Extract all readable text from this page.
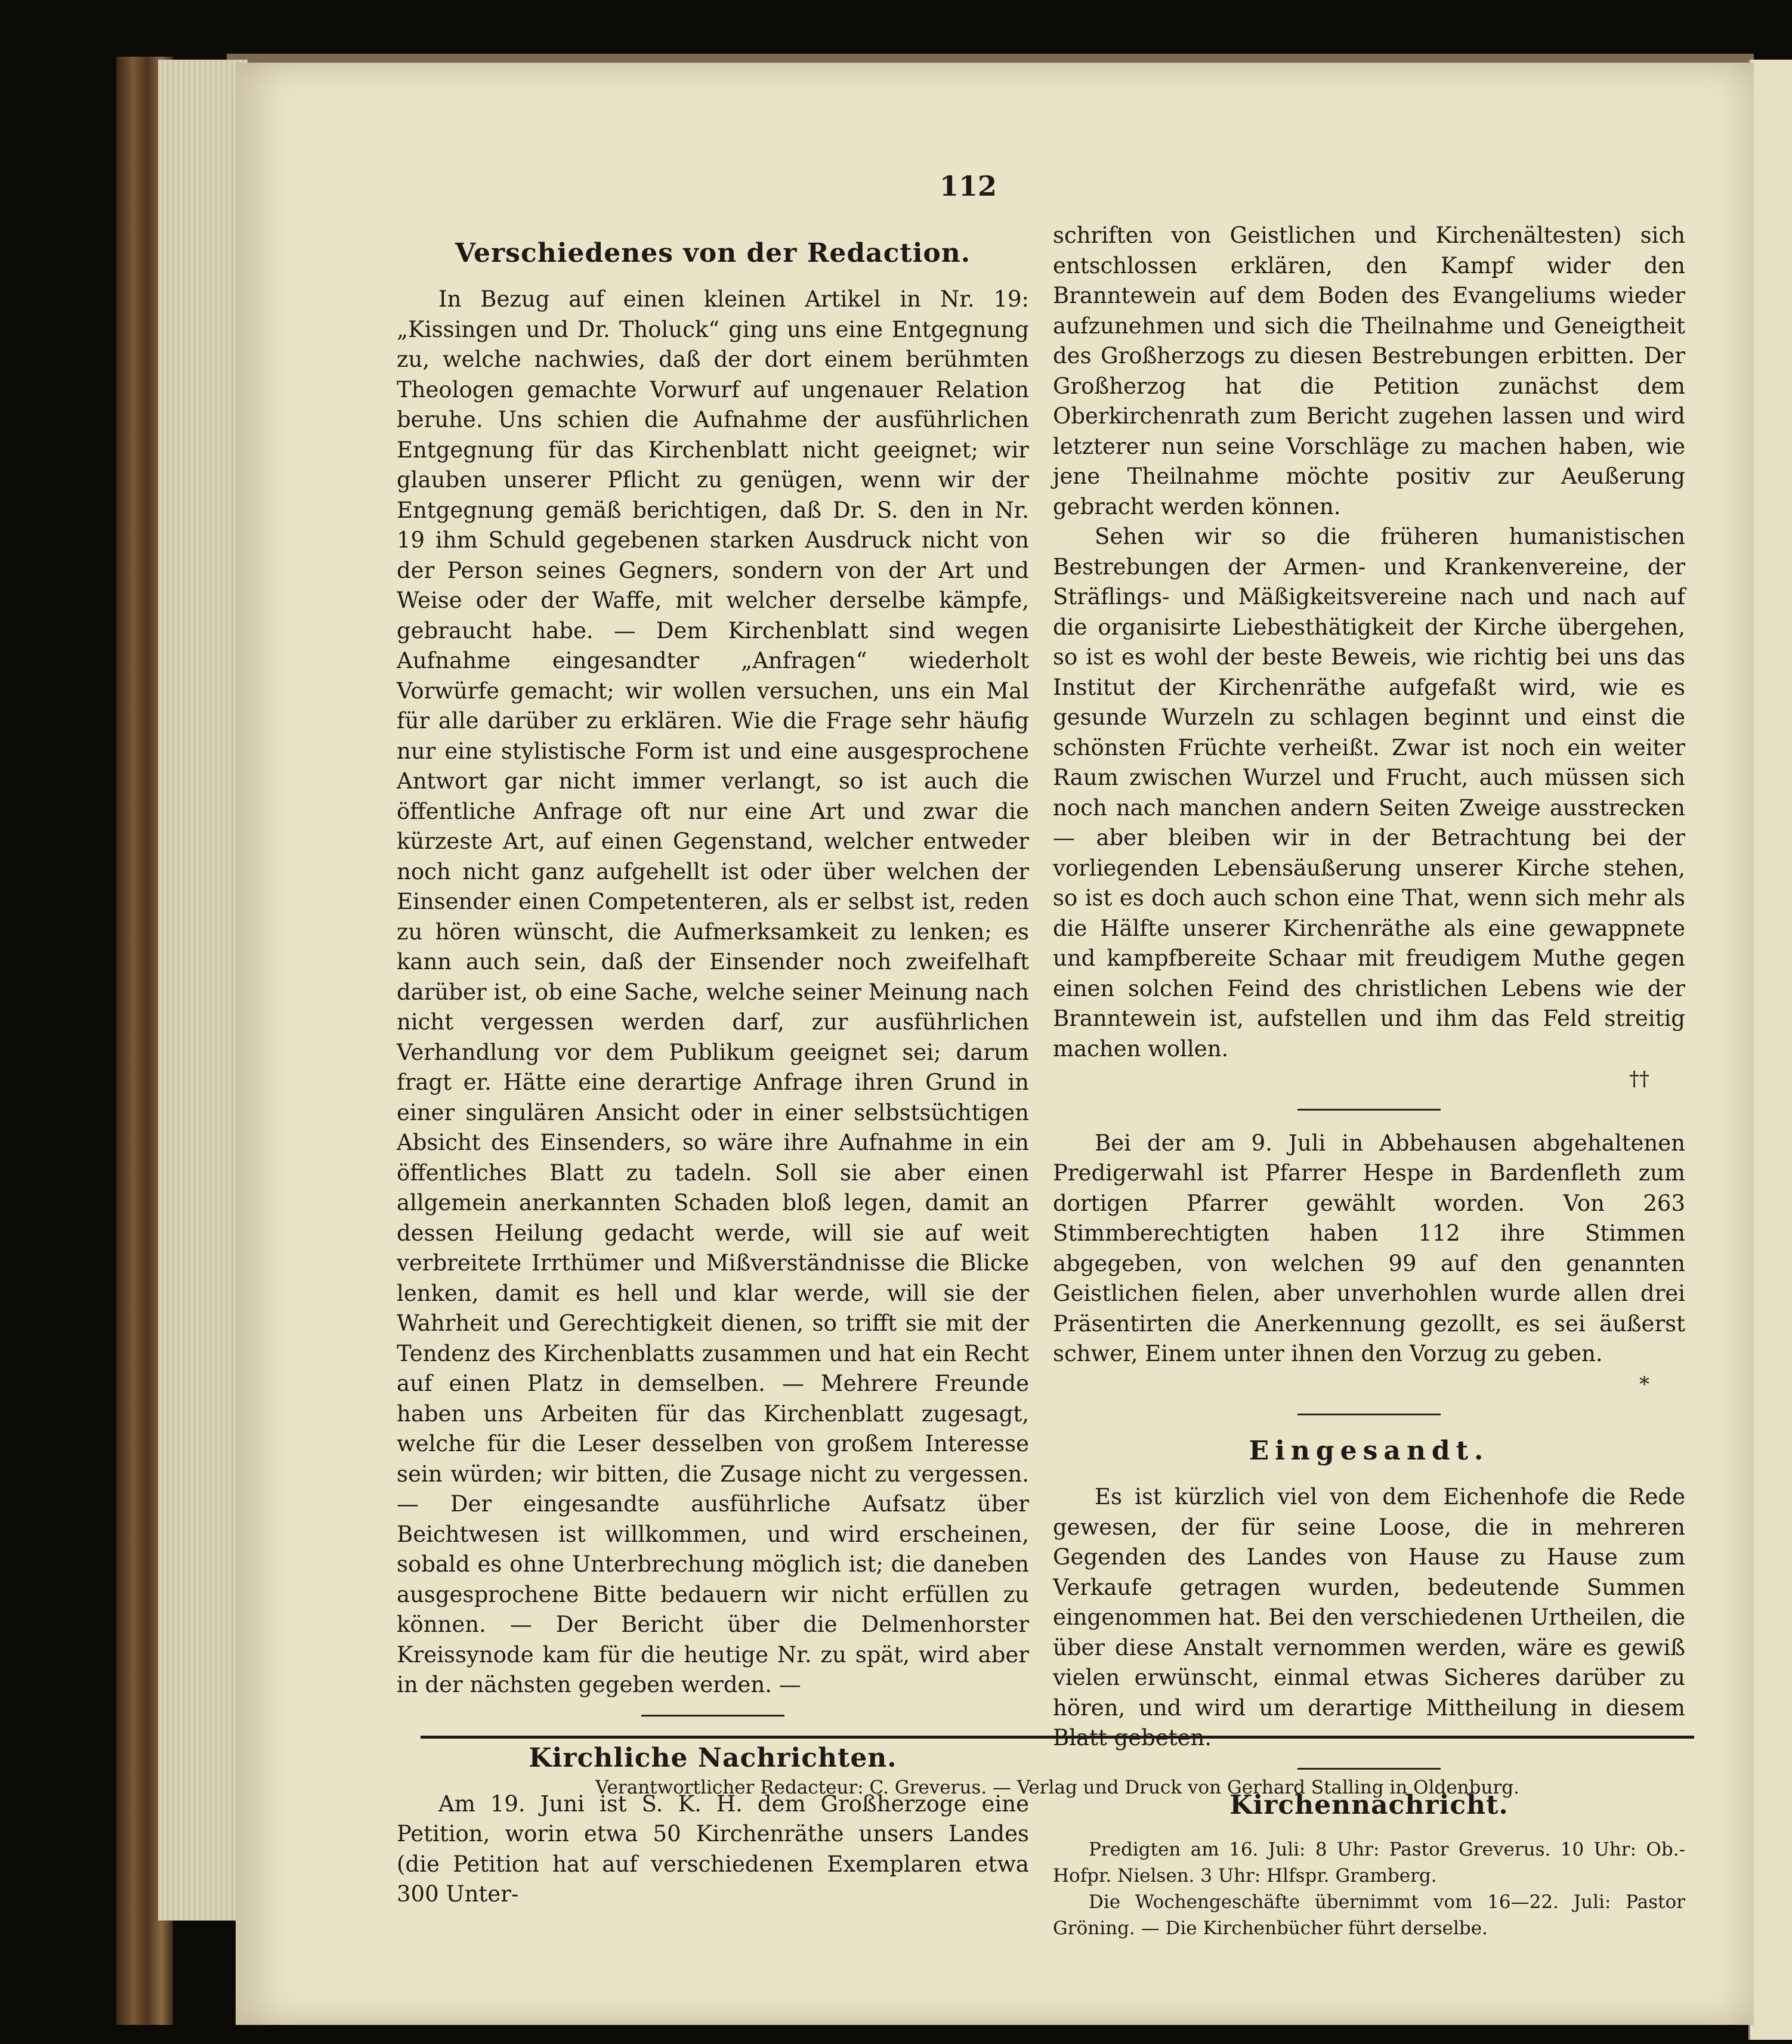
112
Verschiedenes von der Redaction.

In Bezug auf einen kleinen Artikel in Nr. 19: „Kissingen und Dr. Tholuck“ ging uns eine Entgegnung zu, welche nachwies, daß der dort einem berühmten Theologen gemachte Vorwurf auf ungenauer Relation beruhe. Uns schien die Aufnahme der ausführlichen Entgegnung für das Kirchenblatt nicht geeignet; wir glauben unserer Pflicht zu genügen, wenn wir der Entgegnung gemäß berichtigen, daß Dr. S. den in Nr. 19 ihm Schuld gegebenen starken Ausdruck nicht von der Person seines Gegners, sondern von der Art und Weise oder der Waffe, mit welcher derselbe kämpfe, gebraucht habe. — Dem Kirchenblatt sind wegen Aufnahme eingesandter „Anfragen“ wiederholt Vorwürfe gemacht; wir wollen versuchen, uns ein Mal für alle darüber zu erklären. Wie die Frage sehr häufig nur eine stylistische Form ist und eine ausgesprochene Antwort gar nicht immer verlangt, so ist auch die öffentliche Anfrage oft nur eine Art und zwar die kürzeste Art, auf einen Gegenstand, welcher entweder noch nicht ganz aufgehellt ist oder über welchen der Einsender einen Competenteren, als er selbst ist, reden zu hören wünscht, die Aufmerksamkeit zu lenken; es kann auch sein, daß der Einsender noch zweifelhaft darüber ist, ob eine Sache, welche seiner Meinung nach nicht vergessen werden darf, zur ausführlichen Verhandlung vor dem Publikum geeignet sei; darum fragt er. Hätte eine derartige Anfrage ihren Grund in einer singulären Ansicht oder in einer selbstsüchtigen Absicht des Einsenders, so wäre ihre Aufnahme in ein öffentliches Blatt zu tadeln. Soll sie aber einen allgemein anerkannten Schaden bloß legen, damit an dessen Heilung gedacht werde, will sie auf weit verbreitete Irrthümer und Mißverständnisse die Blicke lenken, damit es hell und klar werde, will sie der Wahrheit und Gerechtigkeit dienen, so trifft sie mit der Tendenz des Kirchenblatts zusammen und hat ein Recht auf einen Platz in demselben. — Mehrere Freunde haben uns Arbeiten für das Kirchenblatt zugesagt, welche für die Leser desselben von großem Interesse sein würden; wir bitten, die Zusage nicht zu vergessen. — Der eingesandte ausführliche Aufsatz über Beichtwesen ist willkommen, und wird erscheinen, sobald es ohne Unterbrechung möglich ist; die daneben ausgesprochene Bitte bedauern wir nicht erfüllen zu können. — Der Bericht über die Delmenhorster Kreissynode kam für die heutige Nr. zu spät, wird aber in der nächsten gegeben werden. —

Kirchliche Nachrichten.

Am 19. Juni ist S. K. H. dem Großherzoge eine Petition, worin etwa 50 Kirchenräthe unsers Landes (die Petition hat auf verschiedenen Exemplaren etwa 300 Unter-

schriften von Geistlichen und Kirchenältesten) sich entschlossen erklären, den Kampf wider den Branntewein auf dem Boden des Evangeliums wieder aufzunehmen und sich die Theilnahme und Geneigtheit des Großherzogs zu diesen Bestrebungen erbitten. Der Großherzog hat die Petition zunächst dem Oberkirchenrath zum Bericht zugehen lassen und wird letzterer nun seine Vorschläge zu machen haben, wie jene Theilnahme möchte positiv zur Aeußerung gebracht werden können.

Sehen wir so die früheren humanistischen Bestrebungen der Armen- und Krankenvereine, der Sträflings- und Mäßigkeitsvereine nach und nach auf die organisirte Liebesthätigkeit der Kirche übergehen, so ist es wohl der beste Beweis, wie richtig bei uns das Institut der Kirchenräthe aufgefaßt wird, wie es gesunde Wurzeln zu schlagen beginnt und einst die schönsten Früchte verheißt. Zwar ist noch ein weiter Raum zwischen Wurzel und Frucht, auch müssen sich noch nach manchen andern Seiten Zweige ausstrecken — aber bleiben wir in der Betrachtung bei der vorliegenden Lebensäußerung unserer Kirche stehen, so ist es doch auch schon eine That, wenn sich mehr als die Hälfte unserer Kirchenräthe als eine gewappnete und kampfbereite Schaar mit freudigem Muthe gegen einen solchen Feind des christlichen Lebens wie der Branntewein ist, aufstellen und ihm das Feld streitig machen wollen.

††

Bei der am 9. Juli in Abbehausen abgehaltenen Predigerwahl ist Pfarrer Hespe in Bardenfleth zum dortigen Pfarrer gewählt worden. Von 263 Stimmberechtigten haben 112 ihre Stimmen abgegeben, von welchen 99 auf den genannten Geistlichen fielen, aber unverhohlen wurde allen drei Präsentirten die Anerkennung gezollt, es sei äußerst schwer, Einem unter ihnen den Vorzug zu geben.

*
Eingesandt.

Es ist kürzlich viel von dem Eichenhofe die Rede gewesen, der für seine Loose, die in mehreren Gegenden des Landes von Hause zu Hause zum Verkaufe getragen wurden, bedeutende Summen eingenommen hat. Bei den verschiedenen Urtheilen, die über diese Anstalt vernommen werden, wäre es gewiß vielen erwünscht, einmal etwas Sicheres darüber zu hören, und wird um derartige Mittheilung in diesem Blatt gebeten.

Kirchennachricht.

Predigten am 16. Juli: 8 Uhr: Pastor Greverus. 10 Uhr: Ob.-Hofpr. Nielsen. 3 Uhr: Hlfspr. Gramberg.

Die Wochengeschäfte übernimmt vom 16—22. Juli: Pastor Gröning. — Die Kirchenbücher führt derselbe.

Verantwortlicher Redacteur: C. Greverus. — Verlag und Druck von Gerhard Stalling in Oldenburg.
